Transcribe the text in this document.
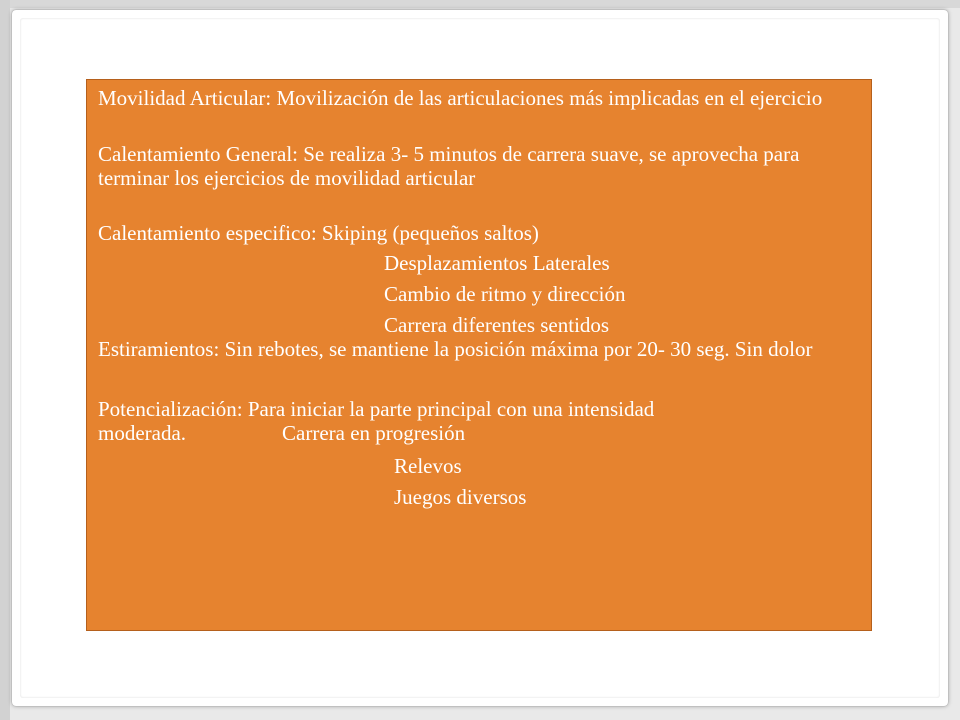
Movilidad Articular: Movilización de las articulaciones más implicadas en el ejercicio

Calentamiento General: Se realiza 3- 5 minutos de carrera suave, se aprovecha para terminar los ejercicios de movilidad articular

Calentamiento especifico: Skiping (pequeños saltos)

Desplazamientos Laterales
Cambio de ritmo y dirección
Carrera diferentes sentidos

Estiramientos: Sin rebotes, se mantiene la posición máxima por 20- 30 seg. Sin dolor

Potencialización: Para iniciar la parte principal con una intensidad

moderada.	Carrera en progresión
Relevos
Juegos diversos
